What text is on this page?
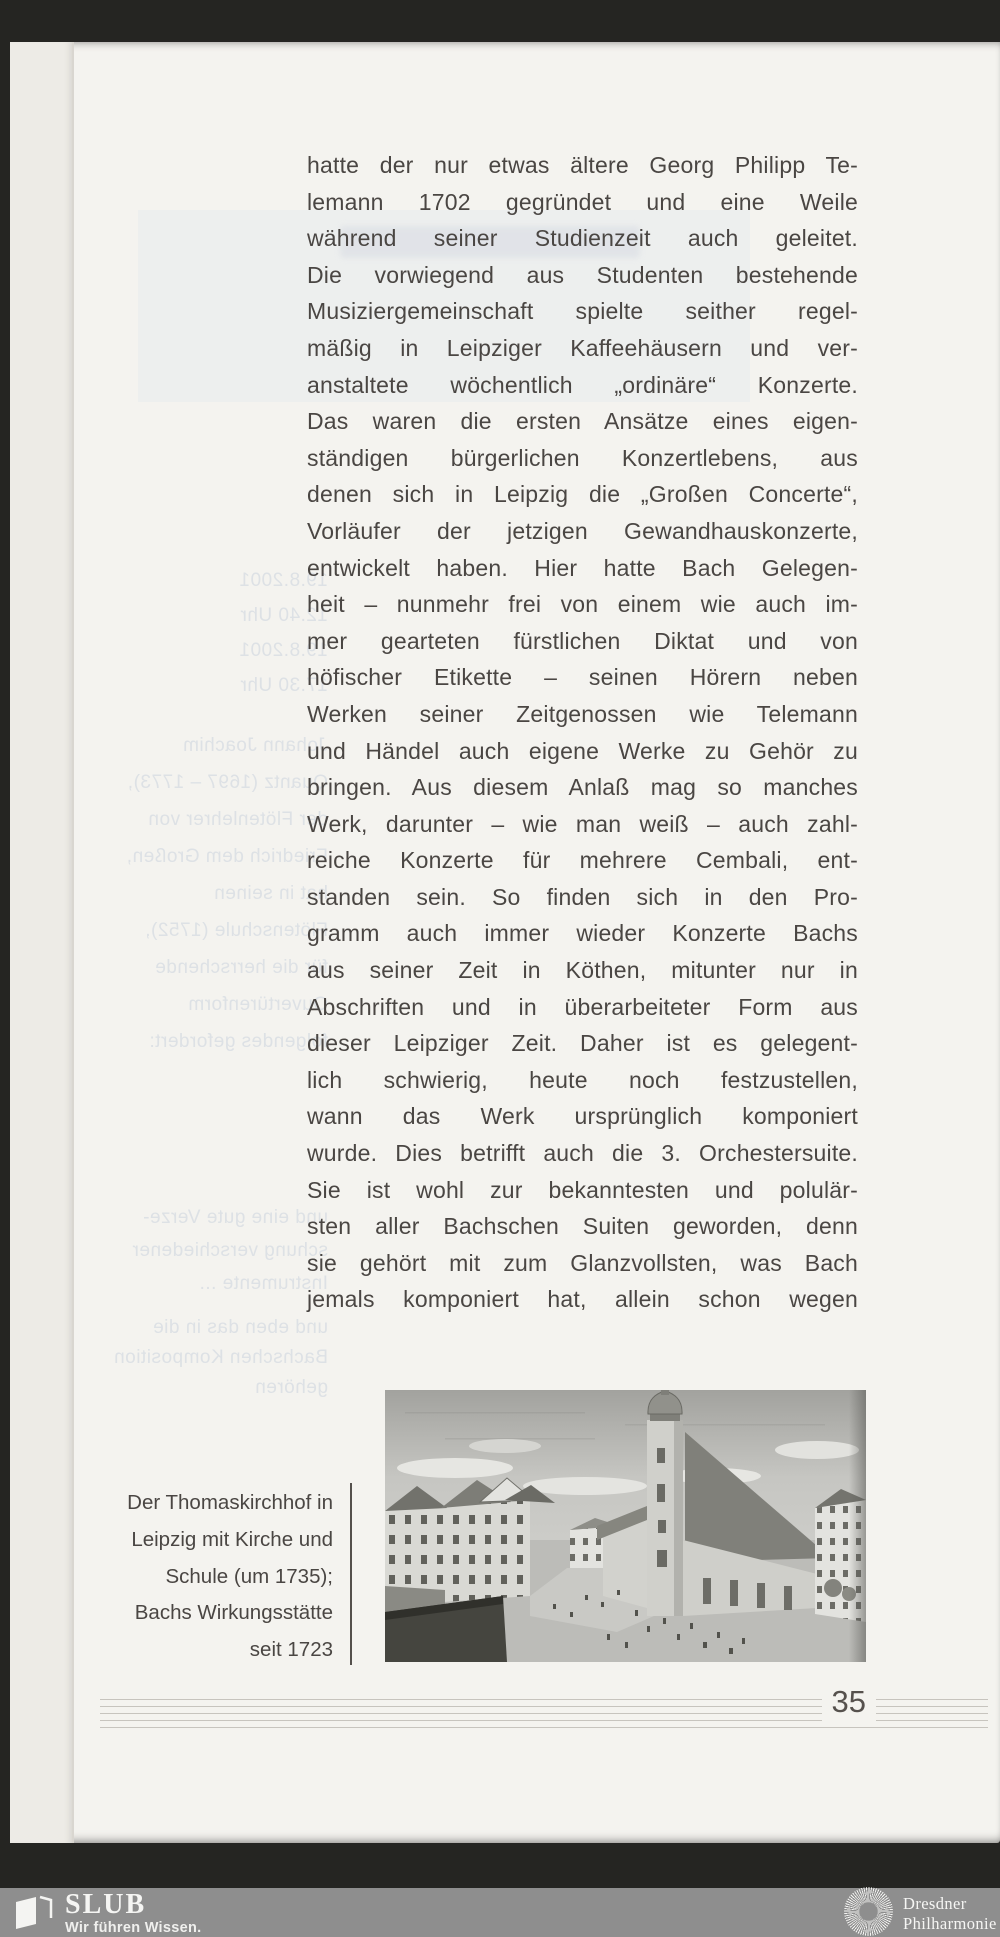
19.8.2001
12.40 Uhr
19.8.2001
17.30 Uhr
Johann Joachim
Quantz (1697 – 1773),
der Flötenlehrer von
Friedrich dem Großen,
hat in seinen
Flötenschule (1752),
für die herrschende
Ouvertürenform
folgendes gefordert:
und eine gute Verze-
schung verschiedener
Instrumente ...
und eben das in die
Bachschen Komposition
gehören
hatte der nur etwas ältere Georg Philipp Te-
lemann 1702 gegründet und eine Weile
während seiner Studienzeit auch geleitet.
Die vorwiegend aus Studenten bestehende
Musiziergemeinschaft spielte seither regel-
mäßig in Leipziger Kaffeehäusern und ver-
anstaltete wöchentlich „ordinäre“ Konzerte.
Das waren die ersten Ansätze eines eigen-
ständigen bürgerlichen Konzertlebens, aus
denen sich in Leipzig die „Großen Concerte“,
Vorläufer der jetzigen Gewandhauskonzerte,
entwickelt haben. Hier hatte Bach Gelegen-
heit – nunmehr frei von einem wie auch im-
mer gearteten fürstlichen Diktat und von
höfischer Etikette – seinen Hörern neben
Werken seiner Zeitgenossen wie Telemann
und Händel auch eigene Werke zu Gehör zu
bringen. Aus diesem Anlaß mag so manches
Werk, darunter – wie man weiß – auch zahl-
reiche Konzerte für mehrere Cembali, ent-
standen sein. So finden sich in den Pro-
gramm auch immer wieder Konzerte Bachs
aus seiner Zeit in Köthen, mitunter nur in
Abschriften und in überarbeiteter Form aus
dieser Leipziger Zeit. Daher ist es gelegent-
lich schwierig, heute noch festzustellen,
wann das Werk ursprünglich komponiert
wurde. Dies betrifft auch die 3. Orchestersuite.
Sie ist wohl zur bekanntesten und polulär-
sten aller Bachschen Suiten geworden, denn
sie gehört mit zum Glanzvollsten, was Bach
jemals komponiert hat, allein schon wegen
Der Thomaskirchhof in
Leipzig mit Kirche und
Schule (um 1735);
Bachs Wirkungsstätte
seit 1723
35
SLUB
Wir führen Wissen.
Dresdner
Philharmonie
